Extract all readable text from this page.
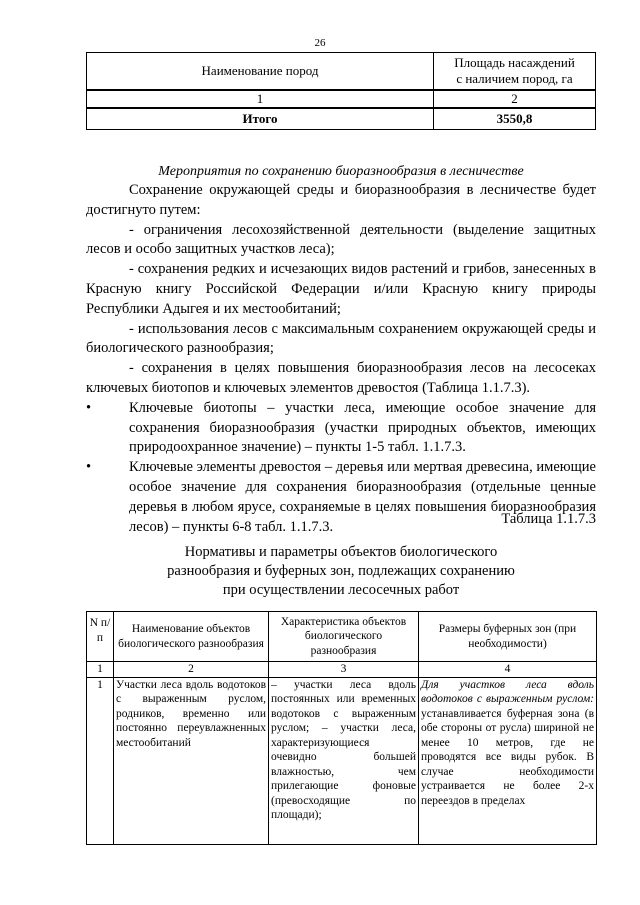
26
Наименование пород	Площадь насаждений
с наличием пород, га
1	2
Итого	3550,8
Мероприятия по сохранению биоразнообразия в лесничестве

Сохранение окружающей среды и биоразнообразия в лесничестве будет достигнуто путем:

- ограничения лесохозяйственной деятельности (выделение защитных лесов и особо защитных участков леса);

- сохранения редких и исчезающих видов растений и грибов, занесенных в Красную книгу Российской Федерации и/или Красную книгу природы Республики Адыгея и их местообитаний;

- использования лесов с максимальным сохранением окружающей среды и биологического разнообразия;

- сохранения в целях повышения биоразнообразия лесов на лесосеках ключевых биотопов и ключевых элементов древостоя (Таблица 1.1.7.3).

•	Ключевые биотопы – участки леса, имеющие особое значение для сохранения биоразнообразия (участки природных объектов, имеющих природоохранное значение) – пункты 1-5 табл. 1.1.7.3.
•	Ключевые элементы древостоя – деревья или мертвая древесина, имеющие особое значение для сохранения биоразнообразия (отдельные ценные деревья в любом ярусе, сохраняемые в целях повышения биоразнообразия лесов) – пункты 6-8 табл. 1.1.7.3.	Таблица 1.1.7.3
Нормативы и параметры объектов биологического
разнообразия и буферных зон, подлежащих сохранению
при осуществлении лесосечных работ
N п/п	Наименование объектов биологического разнообразия	Характеристика объектов биологического разнообразия	Размеры буферных зон (при необходимости)
1	2	3	4
1	Участки леса вдоль водотоков с выраженным руслом, родников, временно или постоянно переувлажненных местообитаний	– участки леса вдоль постоянных или временных водотоков с выраженным руслом; – участки леса, характеризующиеся очевидно большей влажностью, чем прилегающие фоновые (превосходящие по площади);	Для участков леса вдоль водотоков с выраженным руслом: устанавливается буферная зона (в обе стороны от русла) шириной не менее 10 метров, где не проводятся все виды рубок. В случае необходимости устраивается не более 2-х переездов в пределах
